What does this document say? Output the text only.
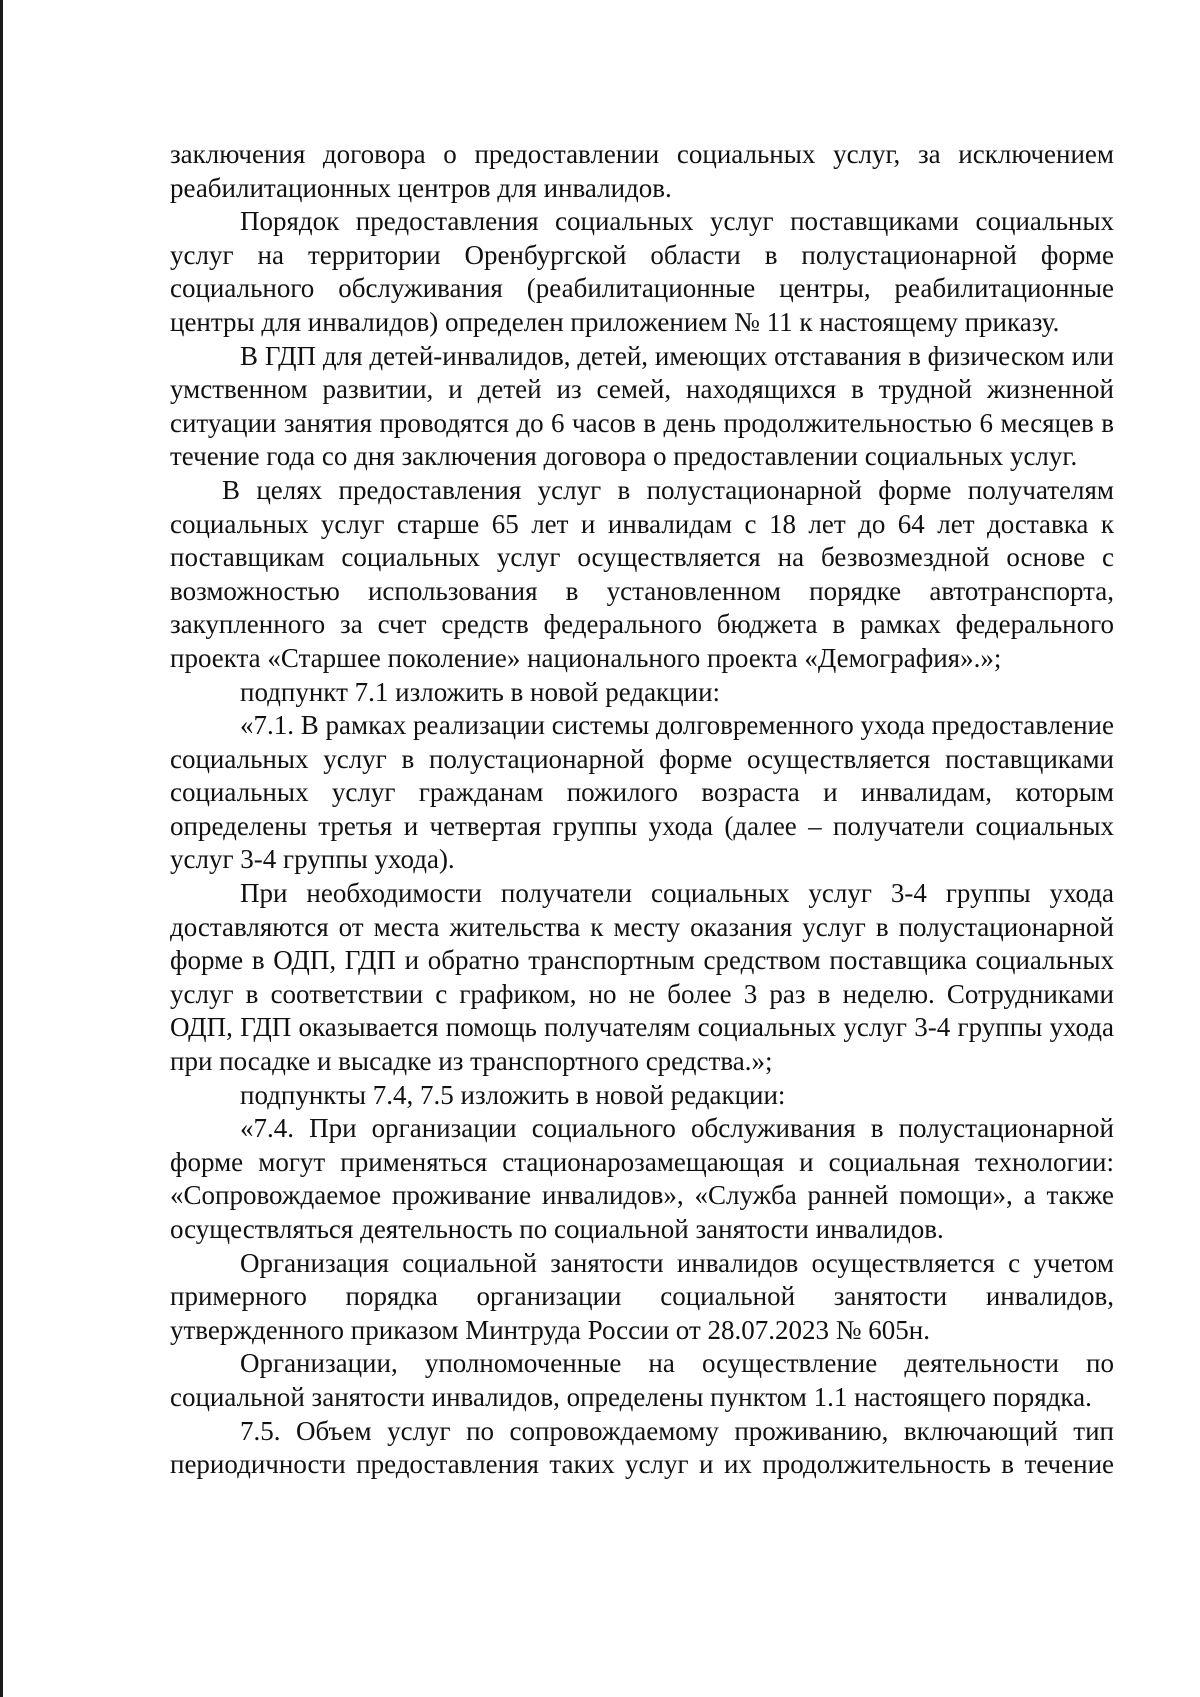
заключения договора о предоставлении социальных услуг, за исключением реабилитационных центров для инвалидов.

Порядок предоставления социальных услуг поставщиками социальных услуг на территории Оренбургской области в полустационарной форме социального обслуживания (реабилитационные центры, реабилитационные центры для инвалидов) определен приложением № 11 к настоящему приказу.

В ГДП для детей-инвалидов, детей, имеющих отставания в физическом или умственном развитии, и детей из семей, находящихся в трудной жизненной ситуации занятия проводятся до 6 часов в день продолжительностью 6 месяцев в течение года со дня заключения договора о предоставлении социальных услуг.

В целях предоставления услуг в полустационарной форме получателям социальных услуг старше 65 лет и инвалидам с 18 лет до 64 лет доставка к поставщикам социальных услуг осуществляется на безвозмездной основе с возможностью использования в установленном порядке автотранспорта, закупленного за счет средств федерального бюджета в рамках федерального проекта «Старшее поколение» национального проекта «Демография».»;

подпункт 7.1 изложить в новой редакции:

«7.1. В рамках реализации системы долговременного ухода предоставление социальных услуг в полустационарной форме осуществляется поставщиками социальных услуг гражданам пожилого возраста и инвалидам, которым определены третья и четвертая группы ухода (далее – получатели социальных услуг 3-4 группы ухода).

При необходимости получатели социальных услуг 3-4 группы ухода доставляются от места жительства к месту оказания услуг в полустационарной форме в ОДП, ГДП и обратно транспортным средством поставщика социальных услуг в соответствии с графиком, но не более 3 раз в неделю. Сотрудниками ОДП, ГДП оказывается помощь получателям социальных услуг 3-4 группы ухода при посадке и высадке из транспортного средства.»;

подпункты 7.4, 7.5 изложить в новой редакции:

«7.4. При организации социального обслуживания в полустационарной форме могут применяться стационарозамещающая и социальная технологии: «Сопровождаемое проживание инвалидов», «Служба ранней помощи», а также осуществляться деятельность по социальной занятости инвалидов.

Организация социальной занятости инвалидов осуществляется с учетом примерного порядка организации социальной занятости инвалидов, утвержденного приказом Минтруда России от 28.07.2023 № 605н.

Организации, уполномоченные на осуществление деятельности по социальной занятости инвалидов, определены пунктом 1.1 настоящего порядка.

7.5. Объем услуг по сопровождаемому проживанию, включающий тип периодичности предоставления таких услуг и их продолжительность в течение
